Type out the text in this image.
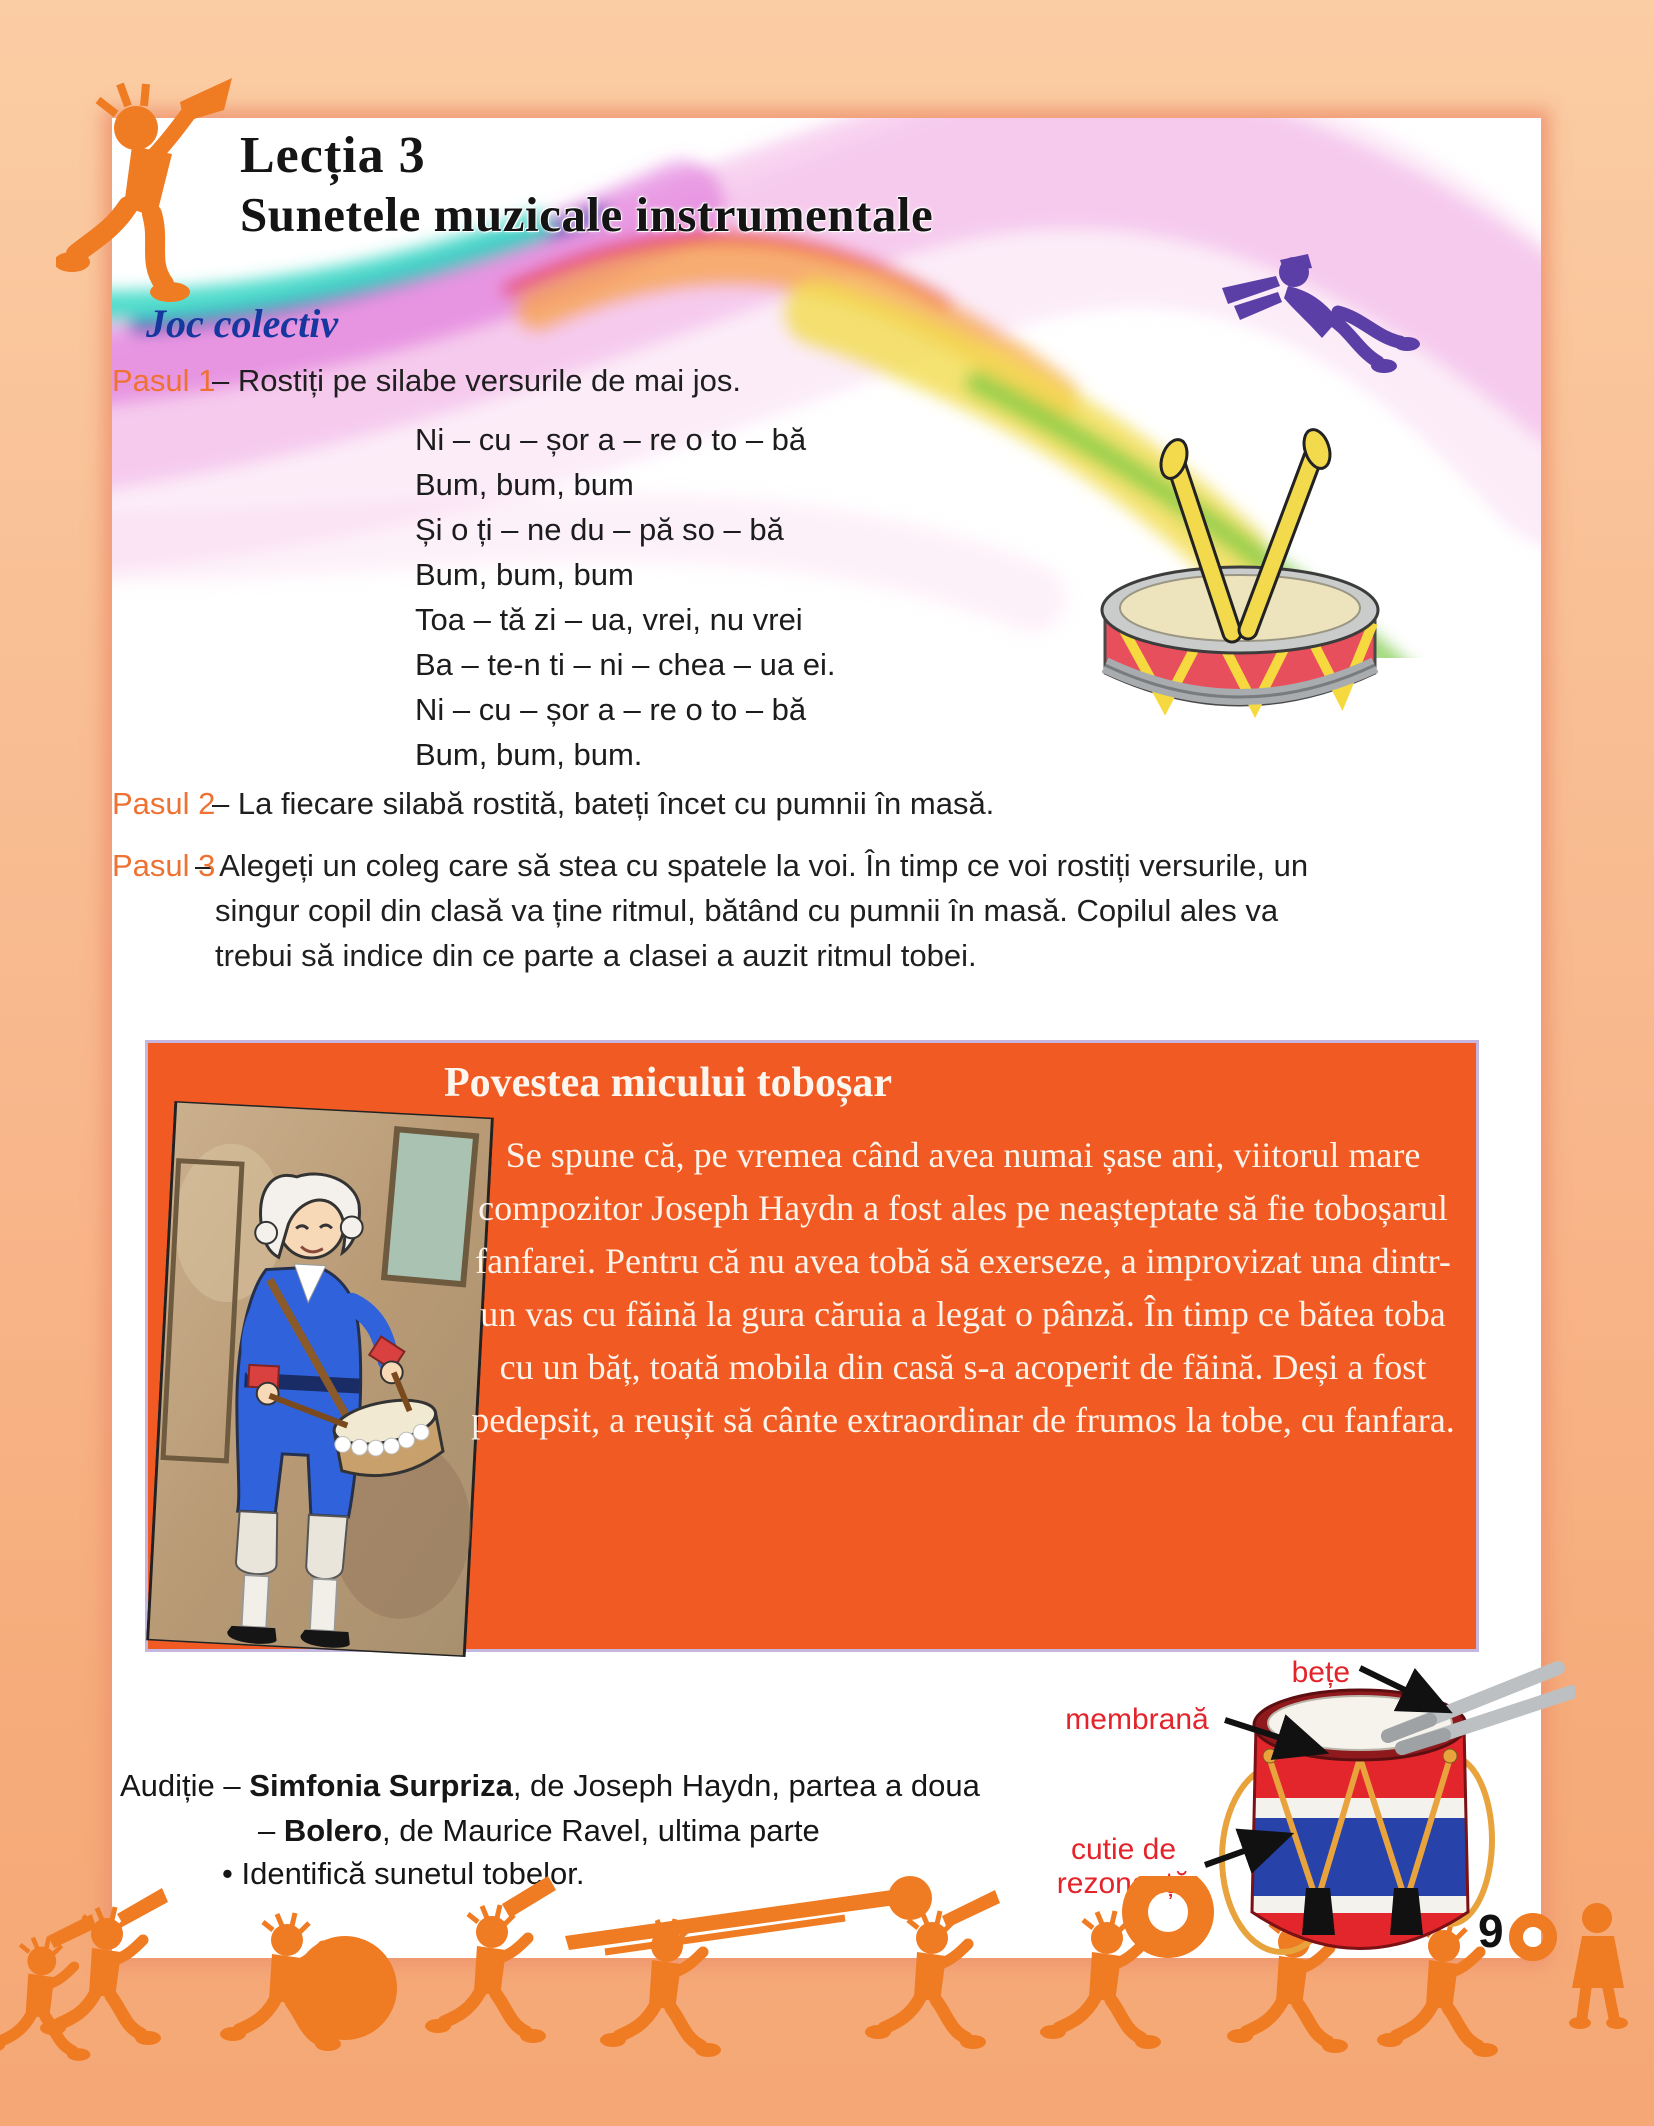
Lecția 3
Sunetele muzicale instrumentale
Joc colectiv
Pasul 1
– Rostiți pe silabe versurile de mai jos.
Ni – cu – șor a – re o to – bă
Bum, bum, bum
Și o ți – ne du – pă so – bă
Bum, bum, bum
Toa – tă zi – ua, vrei, nu vrei
Ba – te-n ti – ni – chea – ua ei.
Ni – cu – șor a – re o to – bă
Bum, bum, bum.
Pasul 2
– La fiecare silabă rostită, bateți încet cu pumnii în masă.
Pasul 3
– Alegeți un coleg care să stea cu spatele la voi. În timp ce voi rostiți versurile, un singur copil din clasă va ține ritmul, bătând cu pumnii în masă. Copilul ales va trebui să indice din ce parte a clasei a auzit ritmul tobei.
Povestea micului toboșar

Se spune că, pe vremea când avea numai șase ani, viitorul mare compozitor Joseph Haydn a fost ales pe neașteptate să fie toboșarul fanfarei. Pentru că nu avea tobă să exerseze, a improvizat una dintr-un vas cu făină la gura căruia a legat o pânză. În timp ce bătea toba cu un băț, toată mobila din casă s-a acoperit de făină. Deși a fost pedepsit, a reușit să cânte extraordinar de frumos la tobe, cu fanfara.

Audiție – Simfonia Surpriza, de Joseph Haydn, partea a doua
– Bolero, de Maurice Ravel, ultima parte
• Identifică sunetul tobelor.
bețe
membrană
cutie de rezonanță
9
